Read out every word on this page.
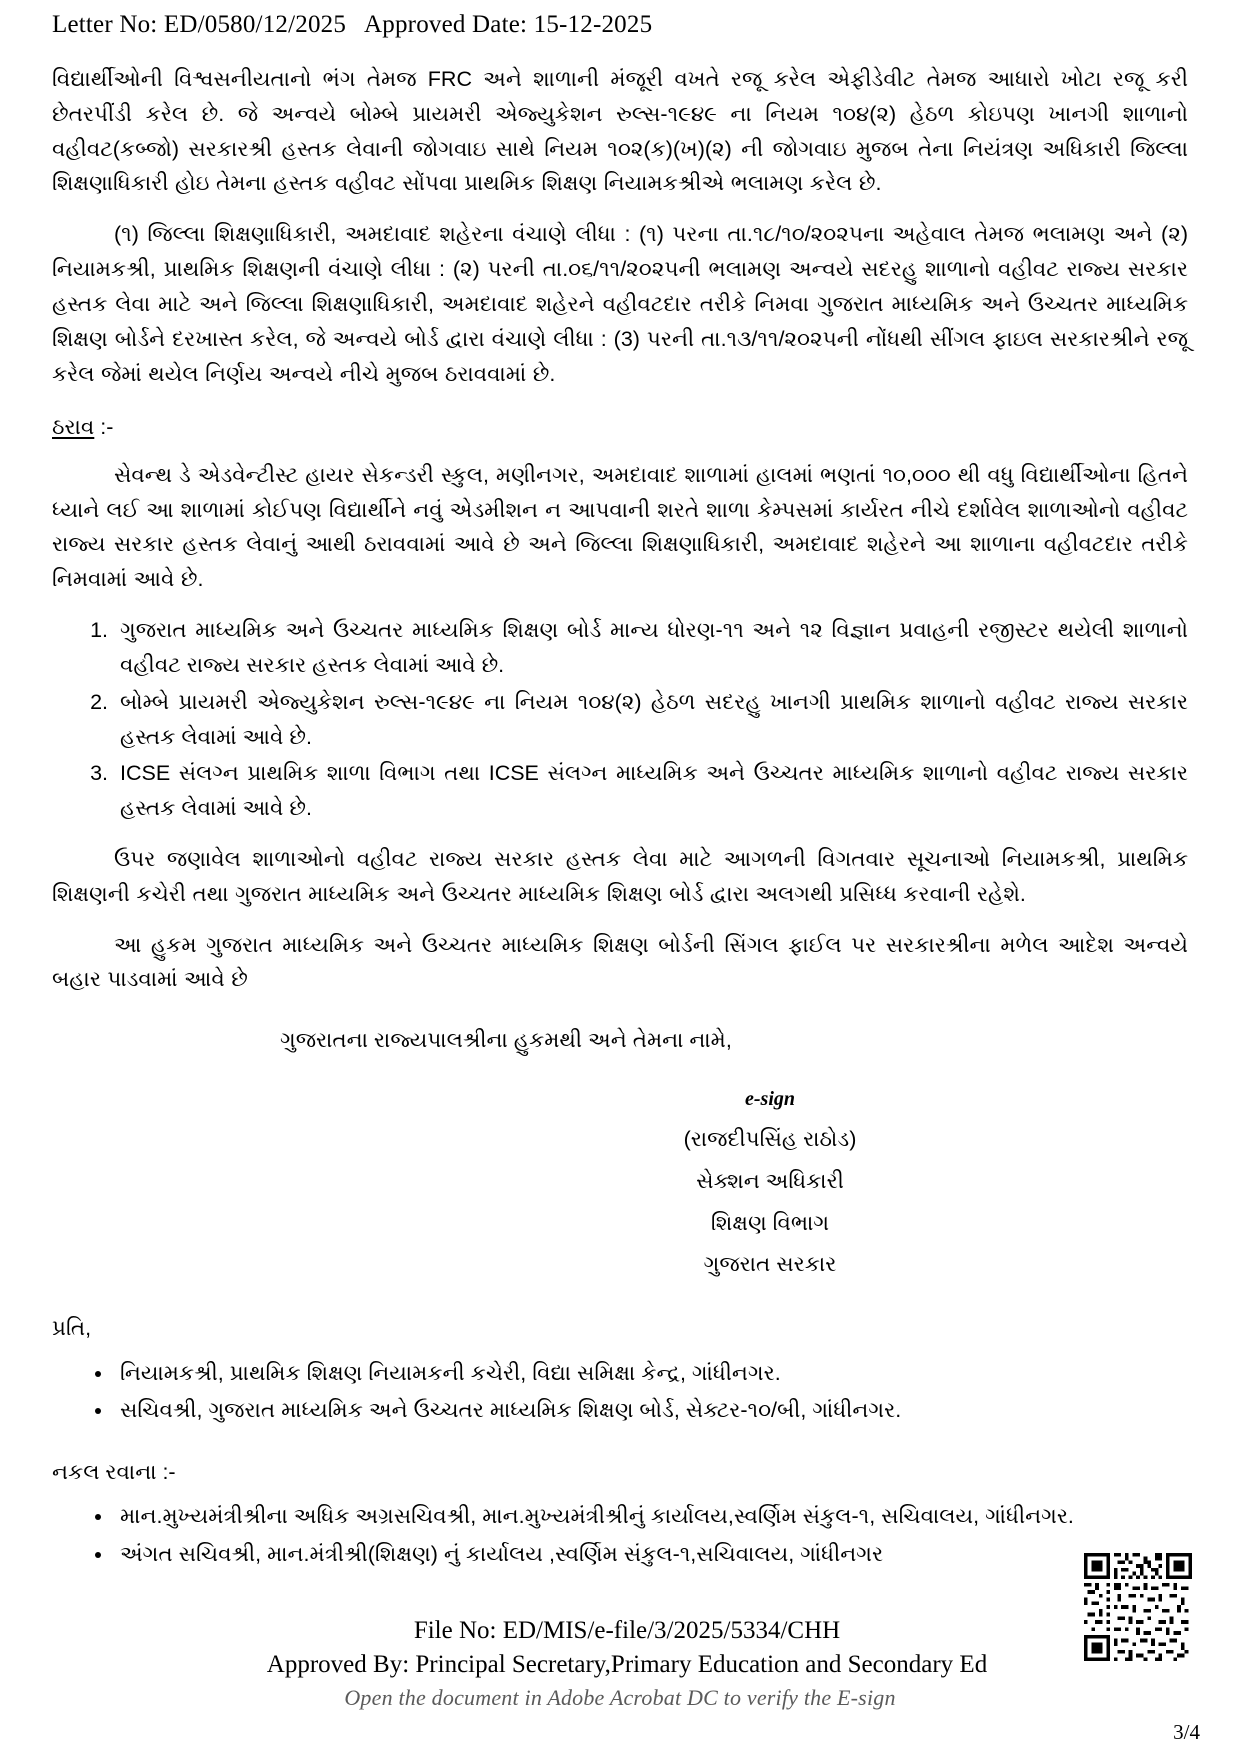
Letter No: ED/0580/12/2025   Approved Date: 15-12-2025

વિદ્યાર્થીઓની વિશ્વસનીયતાનો ભંગ તેમજ FRC અને શાળાની મંજૂરી વખતે રજૂ કરેલ એફીડેવીટ તેમજ આધારો ખોટા રજૂ કરી છેતરપીંડી કરેલ છે. જે અન્વયે બોમ્બે પ્રાયમરી એજ્યુકેશન રુલ્સ-૧૯૪૯ ના નિયમ ૧૦૪(૨) હેઠળ કોઇપણ ખાનગી શાળાનો વહીવટ(કબ્જો) સરકારશ્રી હસ્તક લેવાની જોગવાઇ સાથે નિયમ ૧૦૨(ક)(ખ)(૨) ની જોગવાઇ મુજબ તેના નિયંત્રણ અધિકારી જિલ્લા શિક્ષણાધિકારી હોઇ તેમના હસ્તક વહીવટ સોંપવા પ્રાથમિક શિક્ષણ નિયામકશ્રીએ ભલામણ કરેલ છે.

(૧) જિલ્લા શિક્ષણાધિકારી, અમદાવાદ શહેરના વંચાણે લીધા : (૧) પરના તા.૧૮/૧૦/૨૦૨૫ના અહેવાલ તેમજ ભલામણ અને (૨) નિયામકશ્રી, પ્રાથમિક શિક્ષણની વંચાણે લીધા : (૨) પરની તા.૦૬/૧૧/૨૦૨૫ની ભલામણ અન્વયે સદરહુ શાળાનો વહીવટ રાજ્ય સરકાર હસ્તક લેવા માટે અને જિલ્લા શિક્ષણાધિકારી, અમદાવાદ શહેરને વહીવટદાર તરીકે નિમવા ગુજરાત માધ્યમિક અને ઉચ્ચતર માધ્યમિક શિક્ષણ બોર્ડને દરખાસ્ત કરેલ, જે અન્વયે બોર્ડ દ્વારા વંચાણે લીધા : (3) પરની તા.૧૩/૧૧/૨૦૨૫ની નોંધથી સીંગલ ફાઇલ સરકારશ્રીને રજૂ કરેલ જેમાં થયેલ નિર્ણય અન્વયે નીચે મુજબ ઠરાવવામાં છે.

ઠરાવ :-

સેવન્થ ડે એડવેન્ટીસ્ટ હાયર સેકન્ડરી સ્કુલ, મણીનગર, અમદાવાદ શાળામાં હાલમાં ભણતાં ૧૦,૦૦૦ થી વધુ વિદ્યાર્થીઓના હિતને ધ્યાને લઈ આ શાળામાં કોઈપણ વિદ્યાર્થીને નવું એડમીશન ન આપવાની શરતે શાળા કેમ્પસમાં કાર્યરત નીચે દર્શાવેલ શાળાઓનો વહીવટ રાજ્ય સરકાર હસ્તક લેવાનું આથી ઠરાવવામાં આવે છે અને જિલ્લા શિક્ષણાધિકારી, અમદાવાદ શહેરને આ શાળાના વહીવટદાર તરીકે નિમવામાં આવે છે.

1. ગુજરાત માધ્યમિક અને ઉચ્ચતર માધ્યમિક શિક્ષણ બોર્ડ માન્ય ધોરણ-૧૧ અને ૧૨ વિજ્ઞાન પ્રવાહની રજીસ્ટર થયેલી શાળાનો વહીવટ રાજ્ય સરકાર હસ્તક લેવામાં આવે છે.
2. બોમ્બે પ્રાયમરી એજ્યુકેશન રુલ્સ-૧૯૪૯ ના નિયમ ૧૦૪(૨) હેઠળ સદરહુ ખાનગી પ્રાથમિક શાળાનો વહીવટ રાજ્ય સરકાર હસ્તક લેવામાં આવે છે.
3. ICSE સંલગ્ન પ્રાથમિક શાળા વિભાગ તથા ICSE સંલગ્ન માધ્યમિક અને ઉચ્ચતર માધ્યમિક શાળાનો વહીવટ રાજ્ય સરકાર હસ્તક લેવામાં આવે છે.

ઉપર જણાવેલ શાળાઓનો વહીવટ રાજ્ય સરકાર હસ્તક લેવા માટે આગળની વિગતવાર સૂચનાઓ નિયામકશ્રી, પ્રાથમિક શિક્ષણની કચેરી તથા ગુજરાત માધ્યમિક અને ઉચ્ચતર માધ્યમિક શિક્ષણ બોર્ડ દ્વારા અલગથી પ્રસિધ્ધ કરવાની રહેશે.

આ હુકમ ગુજરાત માધ્યમિક અને ઉચ્ચતર માધ્યમિક શિક્ષણ બોર્ડની સિંગલ ફાઈલ પર સરકારશ્રીના મળેલ આદેશ અન્વયે બહાર પાડવામાં આવે છે

ગુજરાતના રાજ્યપાલશ્રીના હુકમથી અને તેમના નામે,
e-sign
(રાજદીપસિંહ રાઠોડ)
સેક્શન અધિકારી
શિક્ષણ વિભાગ
ગુજરાત સરકાર
પ્રતિ,
• નિયામકશ્રી, પ્રાથમિક શિક્ષણ નિયામકની કચેરી, વિદ્યા સમિક્ષા કેન્દ્ર, ગાંધીનગર.
• સચિવશ્રી, ગુજરાત માધ્યમિક અને ઉચ્ચતર માધ્યમિક શિક્ષણ બોર્ડ, સેક્ટર-૧૦/બી, ગાંધીનગર.
નકલ રવાના :-
• માન.મુખ્યમંત્રીશ્રીના અધિક અગ્રસચિવશ્રી, માન.મુખ્યમંત્રીશ્રીનું કાર્યાલય,સ્વર્ણિમ સંકુલ-૧, સચિવાલય, ગાંધીનગર.
• અંગત સચિવશ્રી, માન.મંત્રીશ્રી(શિક્ષણ) નું કાર્યાલય ,સ્વર્ણિમ સંકુલ-૧,સચિવાલય, ગાંધીનગર
File No: ED/MIS/e-file/3/2025/5334/CHH
Approved By: Principal Secretary,Primary Education and Secondary Ed
Open the document in Adobe Acrobat DC to verify the E-sign
3/4
